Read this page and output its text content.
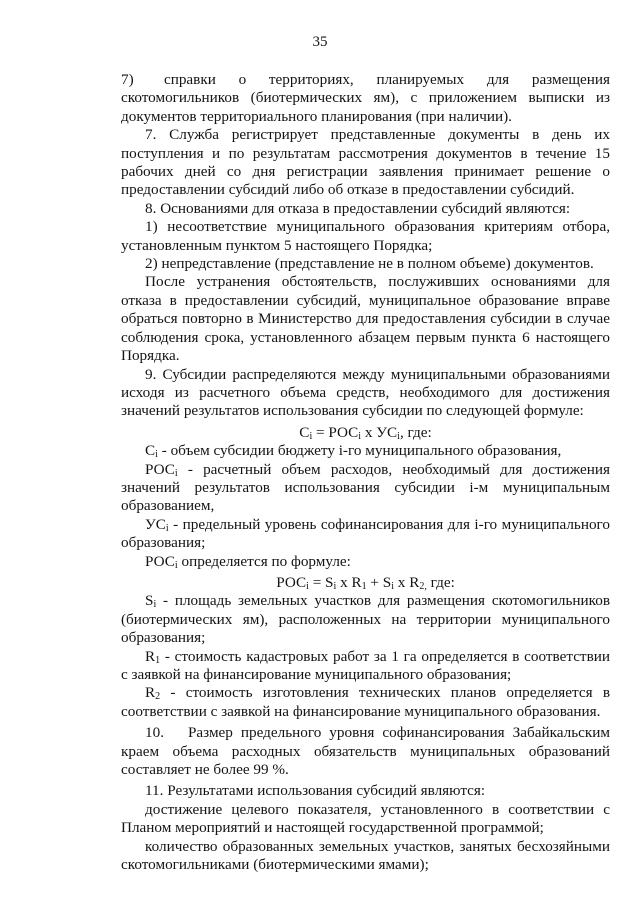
35

7)    справки   о   территориях,   планируемых   для   размещения скотомогильников (биотермических ям), с приложением выписки из документов территориального планирования (при наличии).

7. Служба регистрирует представленные документы в день их поступления и по результатам рассмотрения документов в течение 15 рабочих дней со дня регистрации заявления принимает решение о предоставлении субсидий либо об отказе в предоставлении субсидий.

8. Основаниями для отказа в предоставлении субсидий являются:

1) несоответствие муниципального образования критериям отбора, установленным пунктом 5 настоящего Порядка;

2) непредставление (представление не в полном объеме) документов.

После устранения обстоятельств, послуживших основаниями для отказа в предоставлении субсидий, муниципальное образование вправе обраться повторно в Министерство для предоставления субсидии в случае соблюдения срока, установленного абзацем первым пункта 6 настоящего Порядка.

9. Субсидии распределяются между муниципальными образованиями исходя из расчетного объема средств, необходимого для достижения значений результатов использования субсидии по следующей формуле:

$C_i = РОС_i$ x $УС_i$, где:

$C_i$ - объем субсидии бюджету i-го муниципального образования,

$РОС_i$ - расчетный объем расходов, необходимый для достижения значений результатов использования субсидии i-м муниципальным образованием,

$УС_i$ - предельный уровень софинансирования для i-го муниципального образования;

$РОС_i$ определяется по формуле:

$РОС_i = S_i$ x $R_1 + S_i$ x $R_{2,}$ где:

$S_i$ - площадь земельных участков для размещения скотомогильников (биотермических ям), расположенных на территории муниципального образования;

$R_1$ - стоимость кадастровых работ за 1 га определяется в соответствии с заявкой на финансирование муниципального образования;

$R_2$ - стоимость изготовления технических планов определяется в соответствии с заявкой на финансирование муниципального образования.

10.   Размер предельного уровня софинансирования Забайкальским краем объема расходных обязательств муниципальных образований составляет не более 99 %.

11. Результатами использования субсидий являются:

достижение целевого показателя, установленного в соответствии с Планом мероприятий и настоящей государственной программой;

количество образованных земельных участков, занятых бесхозяйными скотомогильниками (биотермическими ямами);
